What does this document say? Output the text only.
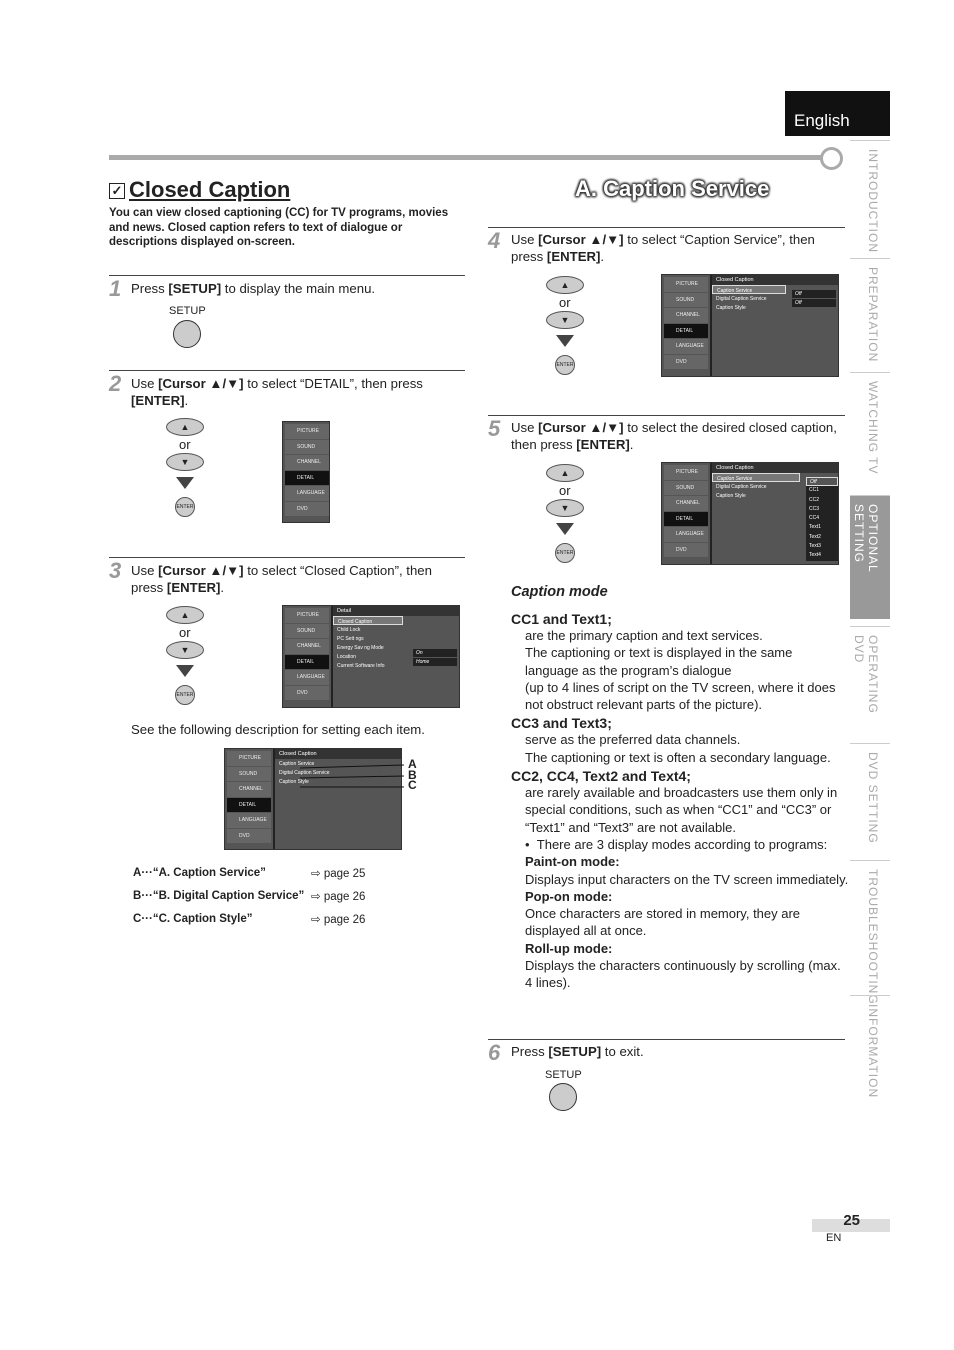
English
INTRODUCTION
PREPARATION
WATCHING TV
OPTIONAL SETTING
OPERATING DVD
DVD SETTING
TROUBLESHOOTING
INFORMATION
✓ Closed Caption
You can view closed captioning (CC) for TV programs, movies and news. Closed caption refers to text of dialogue or descriptions displayed on-screen.
A. Caption Service
1 Press [SETUP] to display the main menu.
SETUP
2 Use [Cursor ▲/▼] to select “DETAIL”, then press [ENTER].
▲
or
▼
ENTER
PICTURE
SOUND
CHANNEL
DETAIL
LANGUAGE
DVD
3 Use [Cursor ▲/▼] to select “Closed Caption”, then press [ENTER].
▲
or
▼
ENTER
PICTURE
SOUND
CHANNEL
DETAIL
LANGUAGE
DVD
Detail
Closed Caption
Child Lock
PC Sett ngs
Energy Sav ng Mode
Location
Current Software Info
On
Home
See the following description for setting each item.
PICTURE
SOUND
CHANNEL
DETAIL
LANGUAGE
DVD
Closed Caption
Caption Service
Digital Caption Service
Caption Style
A
B
C
A···“A. Caption Service”	⇨ page 25
B···“B. Digital Caption Service”	⇨ page 26
C···“C. Caption Style”	⇨ page 26
4 Use [Cursor ▲/▼] to select “Caption Service”, then press [ENTER].
▲
or
▼
ENTER
PICTURE
SOUND
CHANNEL
DETAIL
LANGUAGE
DVD
Closed Caption
Caption Service
Digital Caption Service
Caption Style
Off
Off
5 Use [Cursor ▲/▼] to select the desired closed caption, then press [ENTER].
▲
or
▼
ENTER
PICTURE
SOUND
CHANNEL
DETAIL
LANGUAGE
DVD
Closed Caption
Caption Service
Digital Caption Service
Caption Style
Off
CC1
CC2
CC3
CC4
Text1
Text2
Text3
Text4
Caption mode
CC1 and Text1;
are the primary caption and text services.
The captioning or text is displayed in the same language as the program’s dialogue
(up to 4 lines of script on the TV screen, where it does not obstruct relevant parts of the picture).
CC3 and Text3;
serve as the preferred data channels.
The captioning or text is often a secondary language.
CC2, CC4, Text2 and Text4;
are rarely available and broadcasters use them only in special conditions, such as when “CC1” and “CC3” or “Text1” and “Text3” are not available.
•  There are 3 display modes according to programs:
Paint-on mode:
Displays input characters on the TV screen immediately.
Pop-on mode:
Once characters are stored in memory, they are displayed all at once.
Roll-up mode:
Displays the characters continuously by scrolling (max. 4 lines).
6 Press [SETUP] to exit.
SETUP
25
EN
